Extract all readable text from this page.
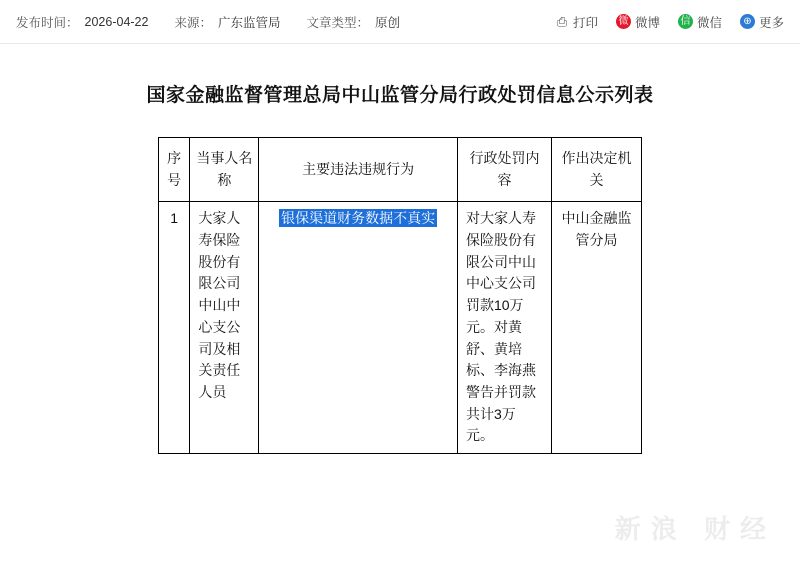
发布时间： 2026-04-22 来源： 广东监管局 文章类型： 原创	⎙ 打印 微 微博 信 微信	⊕ 更多
国家金融监督管理总局中山监管分局行政处罚信息公示列表
序号	当事人名称	主要违法违规行为	行政处罚内容	作出决定机关
1	大家人寿保险股份有限公司中山中心支公司及相关责任人员	银保渠道财务数据不真实	对大家人寿保险股份有限公司中山中心支公司罚款10万元。对黄舒、黄培标、李海燕警告并罚款共计3万元。	中山金融监管分局
新浪 财经
